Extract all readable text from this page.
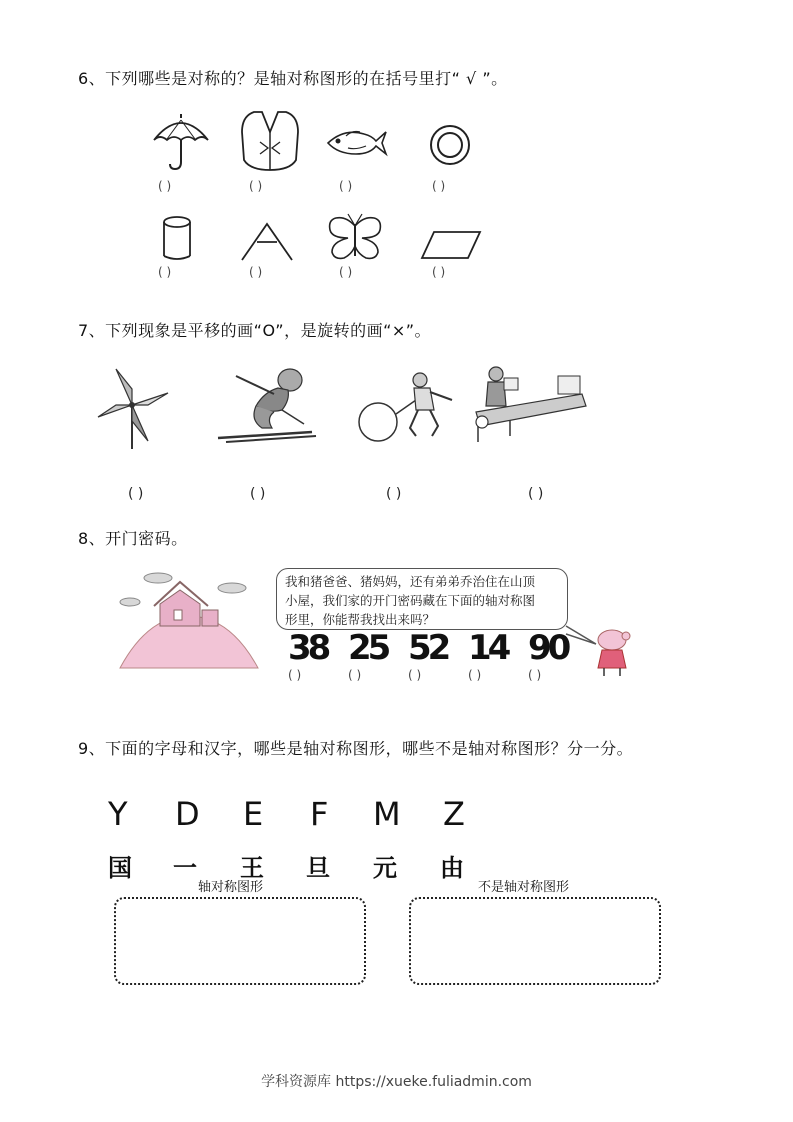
6、下列哪些是对称的？是轴对称图形的在括号里打“ √ ”。
( )	( )	( )	( )
( )	( )	( )	( )
7、下列现象是平移的画“O”，是旋转的画“×”。
( )	( )	( )	( )
8、开门密码。
我和猪爸爸、猪妈妈，还有弟弟乔治住在山顶
小屋，我们家的开门密码藏在下面的轴对称图
形里，你能帮我找出来吗？
38 25 52 14 90
( )	( )	( )	( )	( )
9、下面的字母和汉字，哪些是轴对称图形，哪些不是轴对称图形？分一分。
Y D E F M Z
国 一 王 旦 元 由
轴对称图形	不是轴对称图形
学科资源库 https://xueke.fuliadmin.com
